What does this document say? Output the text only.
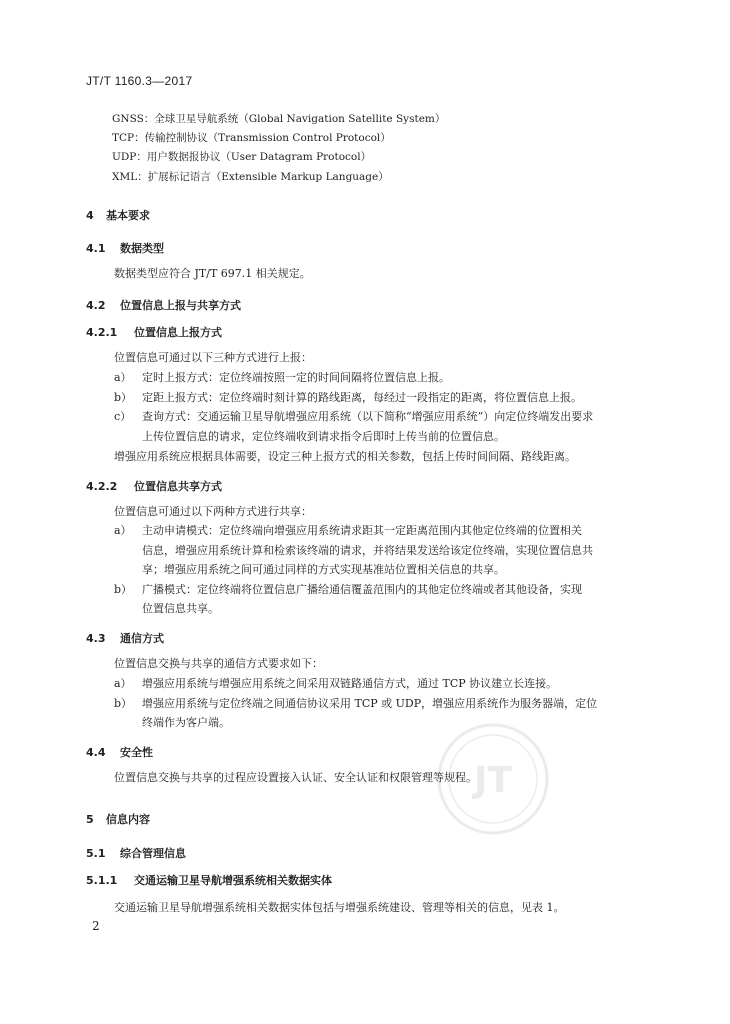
JT/T 1160.3—2017
GNSS：全球卫星导航系统（Global Navigation Satellite System）
TCP：传输控制协议（Transmission Control Protocol）
UDP：用户数据报协议（User Datagram Protocol）
XML：扩展标记语言（Extensible Markup Language）
4 基本要求
4.1 数据类型
数据类型应符合 JT/T 697.1 相关规定。
4.2 位置信息上报与共享方式
4.2.1 位置信息上报方式
位置信息可通过以下三种方式进行上报：
a） 定时上报方式：定位终端按照一定的时间间隔将位置信息上报。
b） 定距上报方式：定位终端时刻计算的路线距离，每经过一段指定的距离，将位置信息上报。
c） 查询方式：交通运输卫星导航增强应用系统（以下简称“增强应用系统”）向定位终端发出要求
上传位置信息的请求，定位终端收到请求指令后即时上传当前的位置信息。
增强应用系统应根据具体需要，设定三种上报方式的相关参数，包括上传时间间隔、路线距离。
4.2.2 位置信息共享方式
位置信息可通过以下两种方式进行共享：
a） 主动申请模式：定位终端向增强应用系统请求距其一定距离范围内其他定位终端的位置相关
信息，增强应用系统计算和检索该终端的请求，并将结果发送给该定位终端，实现位置信息共
享；增强应用系统之间可通过同样的方式实现基准站位置相关信息的共享。
b） 广播模式：定位终端将位置信息广播给通信覆盖范围内的其他定位终端或者其他设备，实现
位置信息共享。
4.3 通信方式
位置信息交换与共享的通信方式要求如下：
a） 增强应用系统与增强应用系统之间采用双链路通信方式，通过 TCP 协议建立长连接。
b） 增强应用系统与定位终端之间通信协议采用 TCP 或 UDP，增强应用系统作为服务器端，定位
终端作为客户端。
4.4 安全性
位置信息交换与共享的过程应设置接入认证、安全认证和权限管理等规程。
5 信息内容
5.1 综合管理信息
5.1.1 交通运输卫星导航增强系统相关数据实体
交通运输卫星导航增强系统相关数据实体包括与增强系统建设、管理等相关的信息，见表 1。
2
JT
